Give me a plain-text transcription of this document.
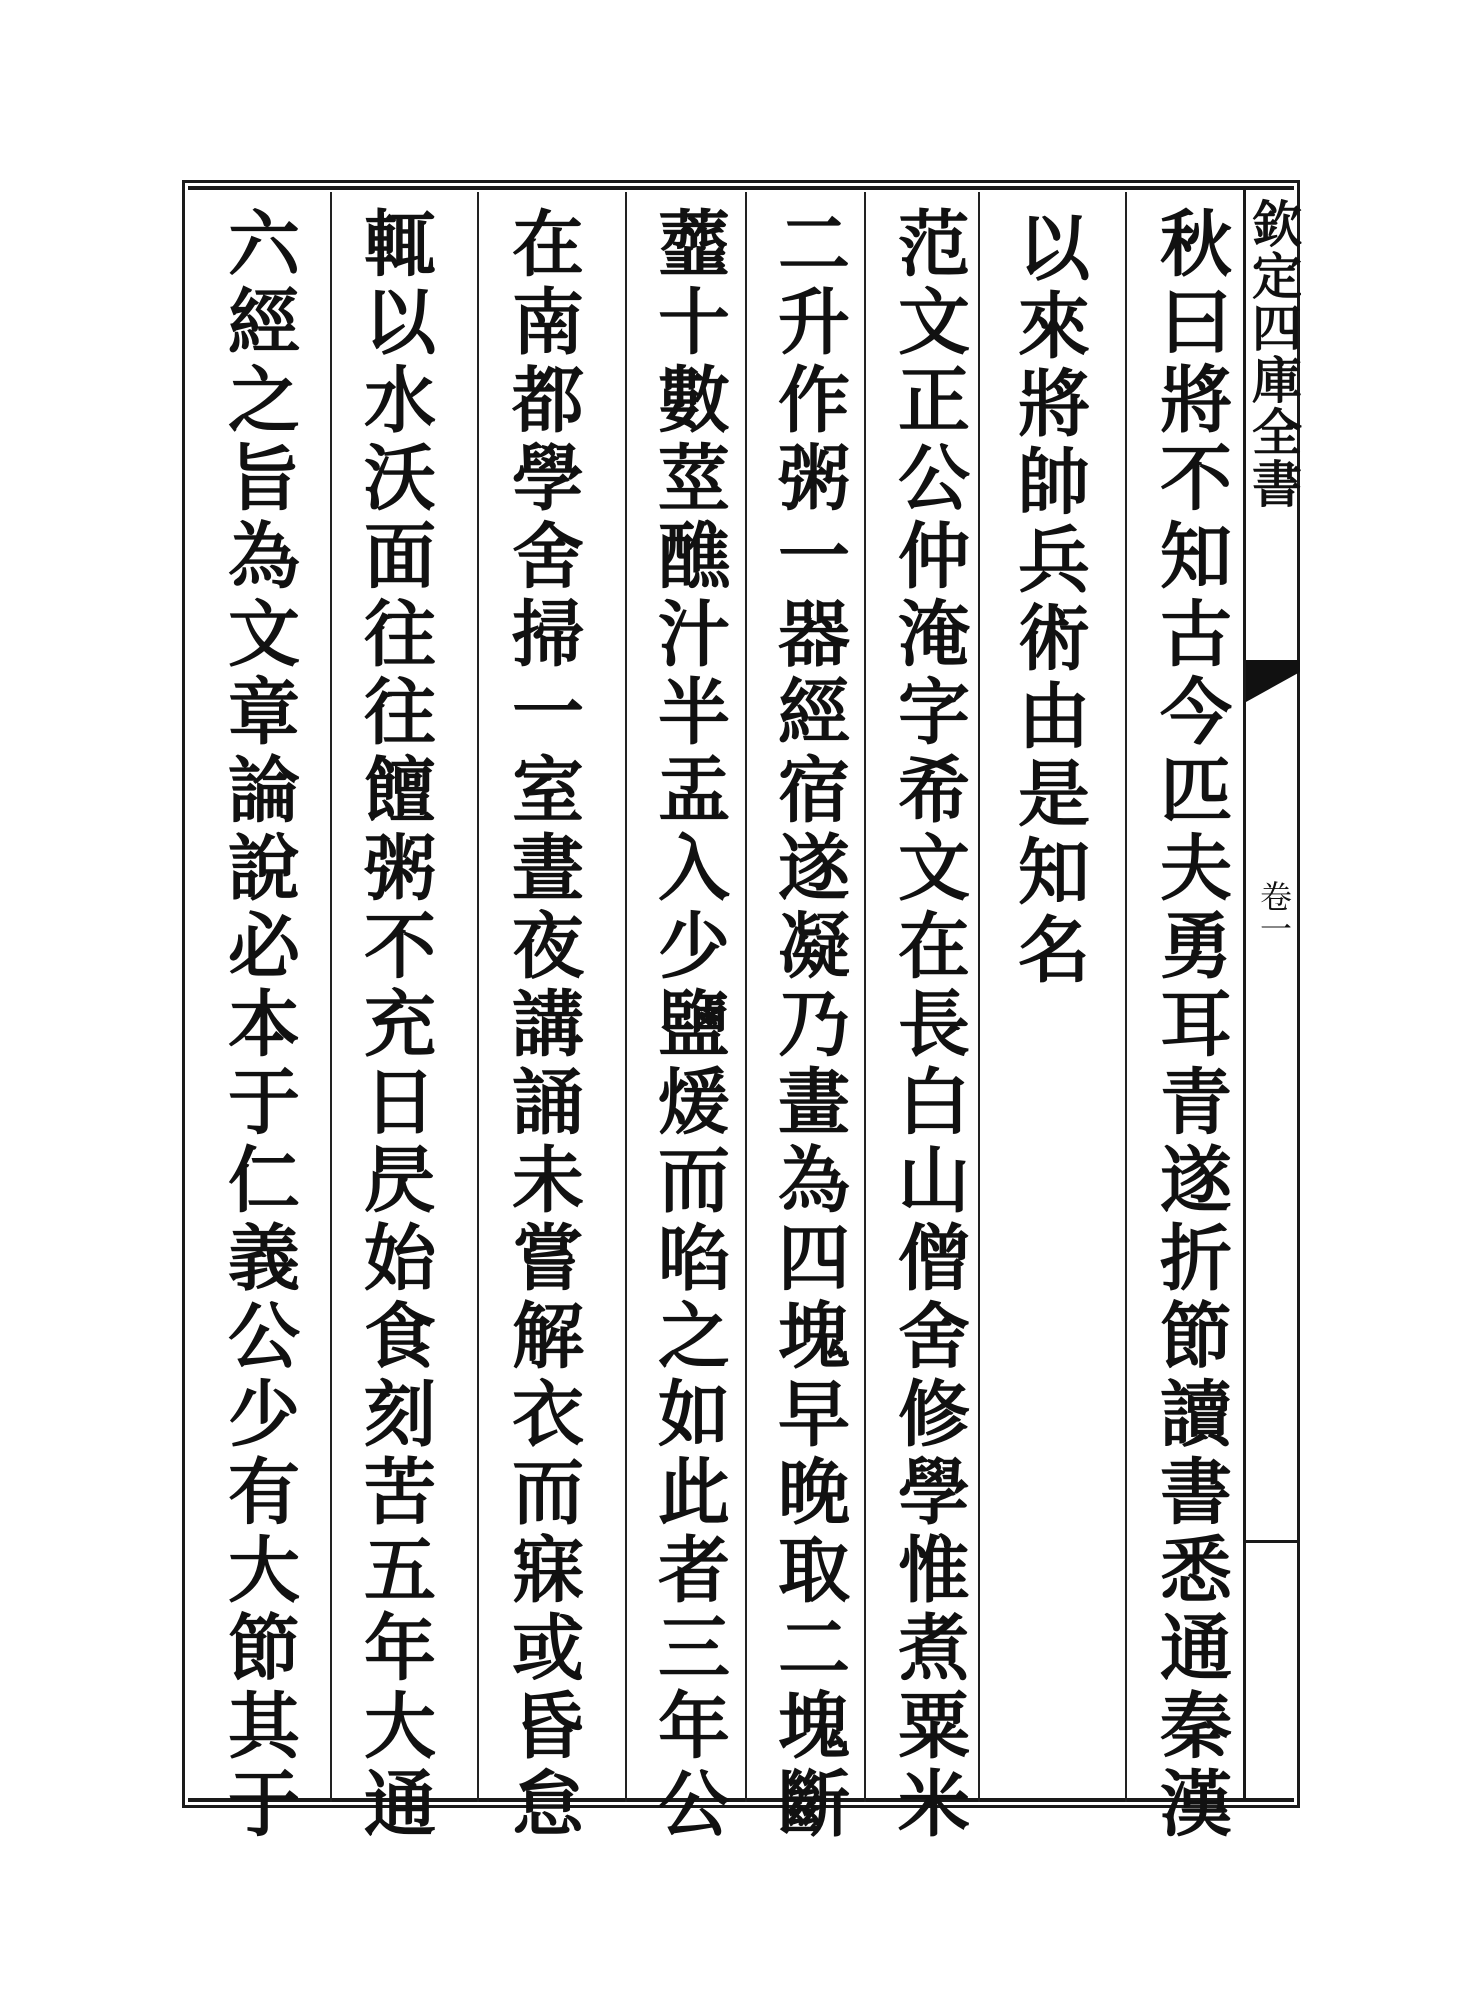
欽定四庫全書
卷一
秋曰將不知古今匹夫勇耳青遂折節讀書悉通秦漢
以來將帥兵術由是知名
范文正公仲淹字希文在長白山僧舍修學惟煮粟米
二升作粥一器經宿遂凝乃畫為四塊早晚取二塊斷
虀十數莖醮汁半盂入少鹽煖而啗之如此者三年公
在南都學舍掃一室晝夜講誦未嘗解衣而寐或昏怠
輒以水沃面往往饘粥不充日昃始食刻苦五年大通
六經之旨為文章論說必本于仁義公少有大節其于
